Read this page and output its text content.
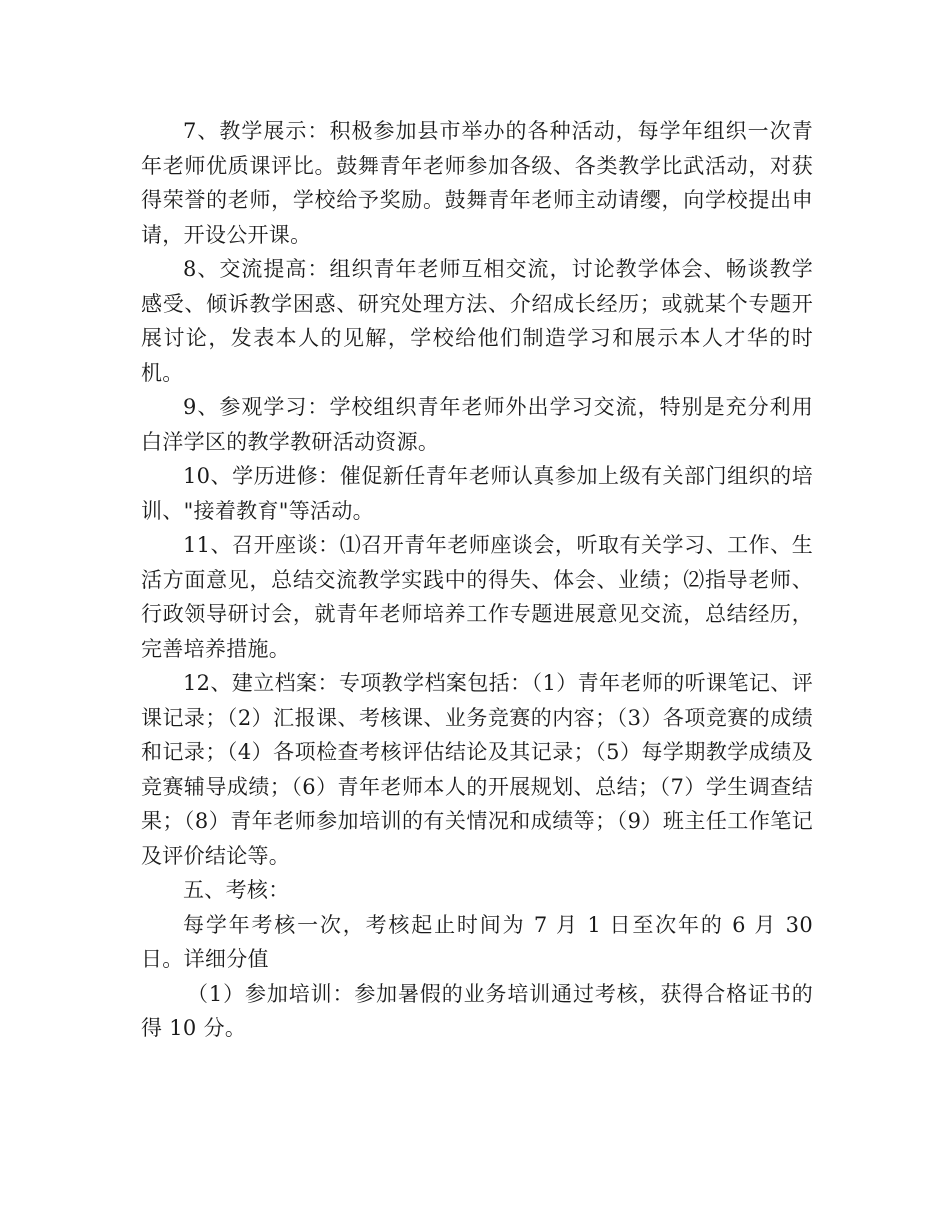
7、教学展示：积极参加县市举办的各种活动，每学年组织一次青年老师优质课评比。鼓舞青年老师参加各级、各类教学比武活动，对获得荣誉的老师，学校给予奖励。鼓舞青年老师主动请缨，向学校提出申请，开设公开课。

8、交流提高：组织青年老师互相交流，讨论教学体会、畅谈教学感受、倾诉教学困惑、研究处理方法、介绍成长经历；或就某个专题开展讨论，发表本人的见解，学校给他们制造学习和展示本人才华的时机。

9、参观学习：学校组织青年老师外出学习交流，特别是充分利用白洋学区的教学教研活动资源。

10、学历进修：催促新任青年老师认真参加上级有关部门组织的培训、"接着教育"等活动。

11、召开座谈：⑴召开青年老师座谈会，听取有关学习、工作、生活方面意见，总结交流教学实践中的得失、体会、业绩；⑵指导老师、行政领导研讨会，就青年老师培养工作专题进展意见交流，总结经历，完善培养措施。

12、建立档案：专项教学档案包括：（1）青年老师的听课笔记、评课记录；（2）汇报课、考核课、业务竞赛的内容；（3）各项竞赛的成绩和记录；（4）各项检查考核评估结论及其记录；（5）每学期教学成绩及竞赛辅导成绩；（6）青年老师本人的开展规划、总结；（7）学生调查结果；（8）青年老师参加培训的有关情况和成绩等；（9）班主任工作笔记及评价结论等。

五、考核：

每学年考核一次，考核起止时间为 7 月 1 日至次年的 6 月 30 日。详细分值

（1）参加培训：参加暑假的业务培训通过考核，获得合格证书的得 10 分。
